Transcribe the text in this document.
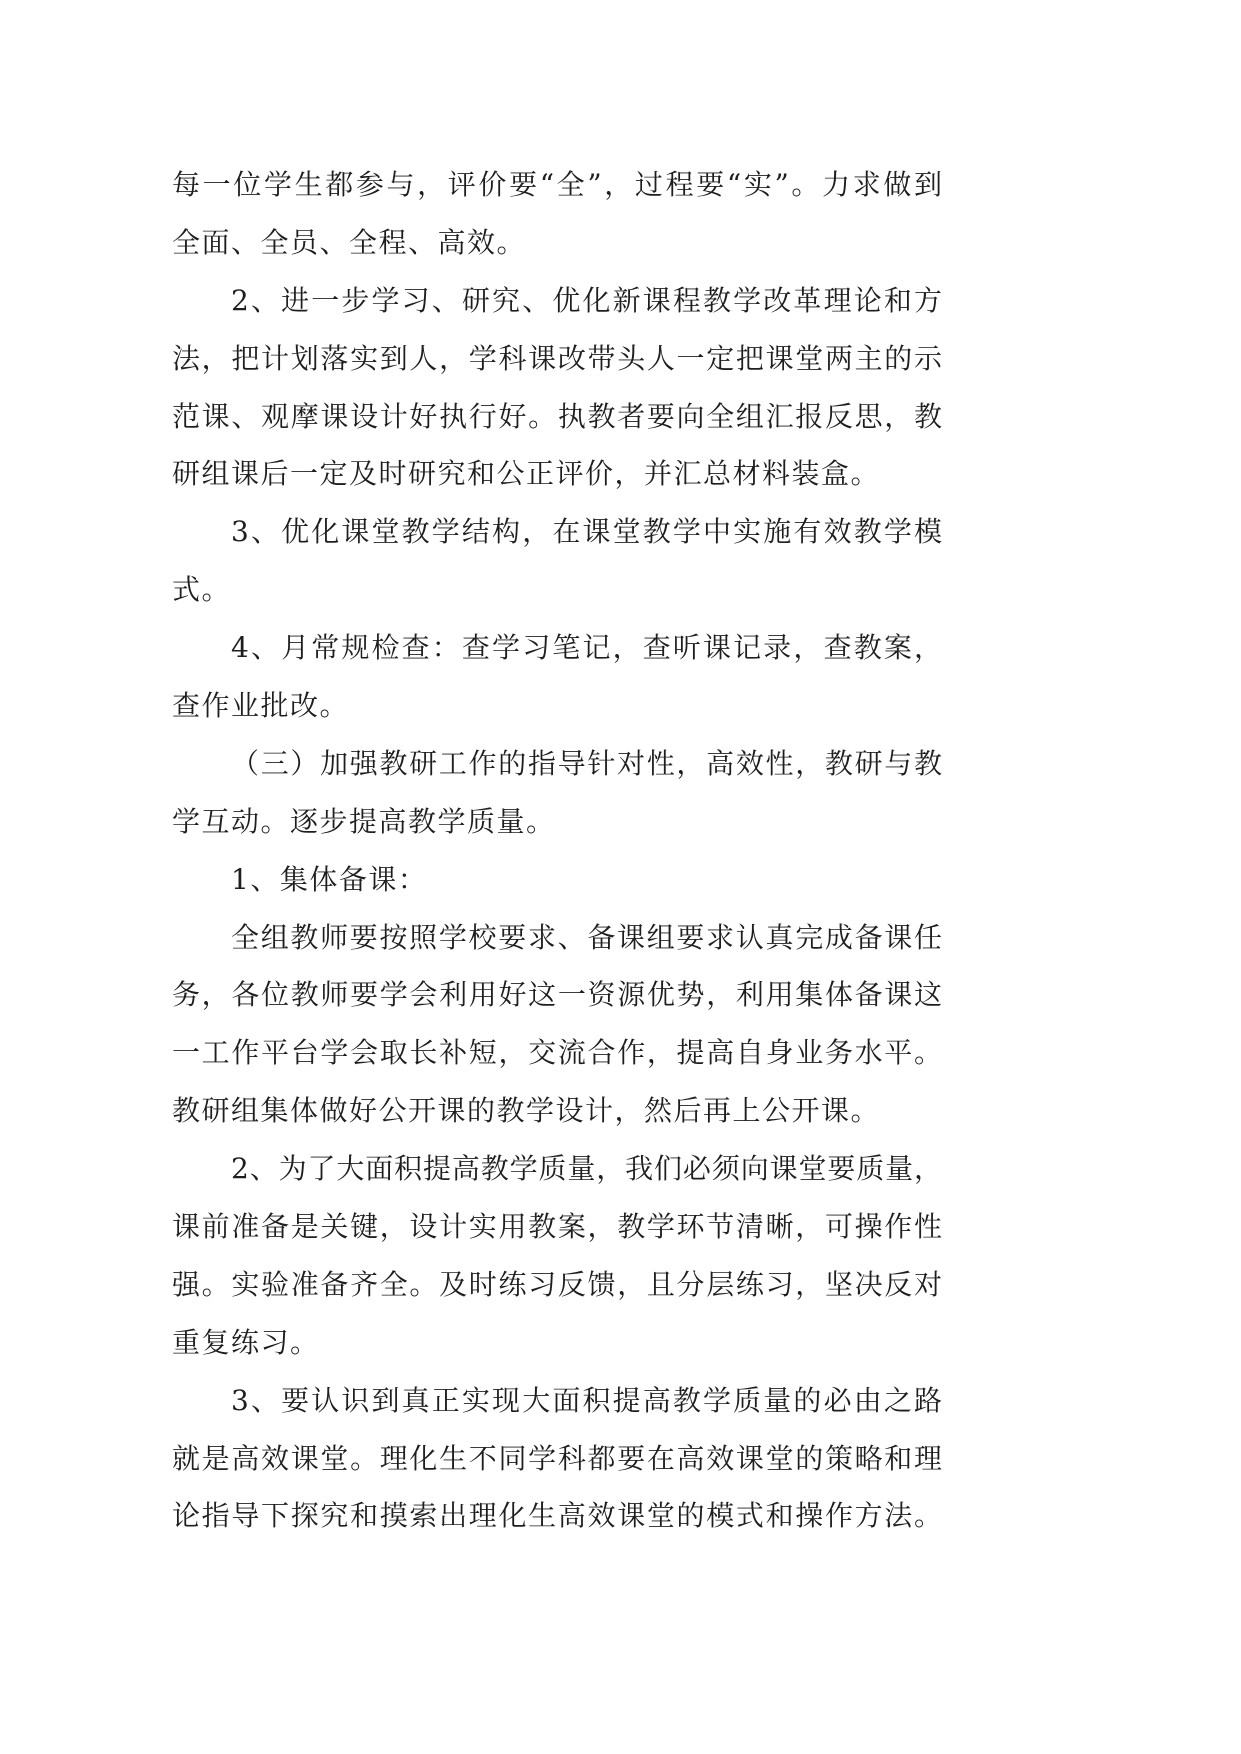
每一位学生都参与，评价要“全”，过程要“实”。力求做到
全面、全员、全程、高效。
2、进一步学习、研究、优化新课程教学改革理论和方
法，把计划落实到人，学科课改带头人一定把课堂两主的示
范课、观摩课设计好执行好。执教者要向全组汇报反思，教
研组课后一定及时研究和公正评价，并汇总材料装盒。
3、优化课堂教学结构，在课堂教学中实施有效教学模
式。
4、月常规检查：查学习笔记，查听课记录，查教案，
查作业批改。
（三）加强教研工作的指导针对性，高效性，教研与教
学互动。逐步提高教学质量。
1、集体备课：
全组教师要按照学校要求、备课组要求认真完成备课任
务，各位教师要学会利用好这一资源优势，利用集体备课这
一工作平台学会取长补短，交流合作，提高自身业务水平。
教研组集体做好公开课的教学设计，然后再上公开课。
2、为了大面积提高教学质量，我们必须向课堂要质量，
课前准备是关键，设计实用教案，教学环节清晰，可操作性
强。实验准备齐全。及时练习反馈，且分层练习，坚决反对
重复练习。
3、要认识到真正实现大面积提高教学质量的必由之路
就是高效课堂。理化生不同学科都要在高效课堂的策略和理
论指导下探究和摸索出理化生高效课堂的模式和操作方法。
